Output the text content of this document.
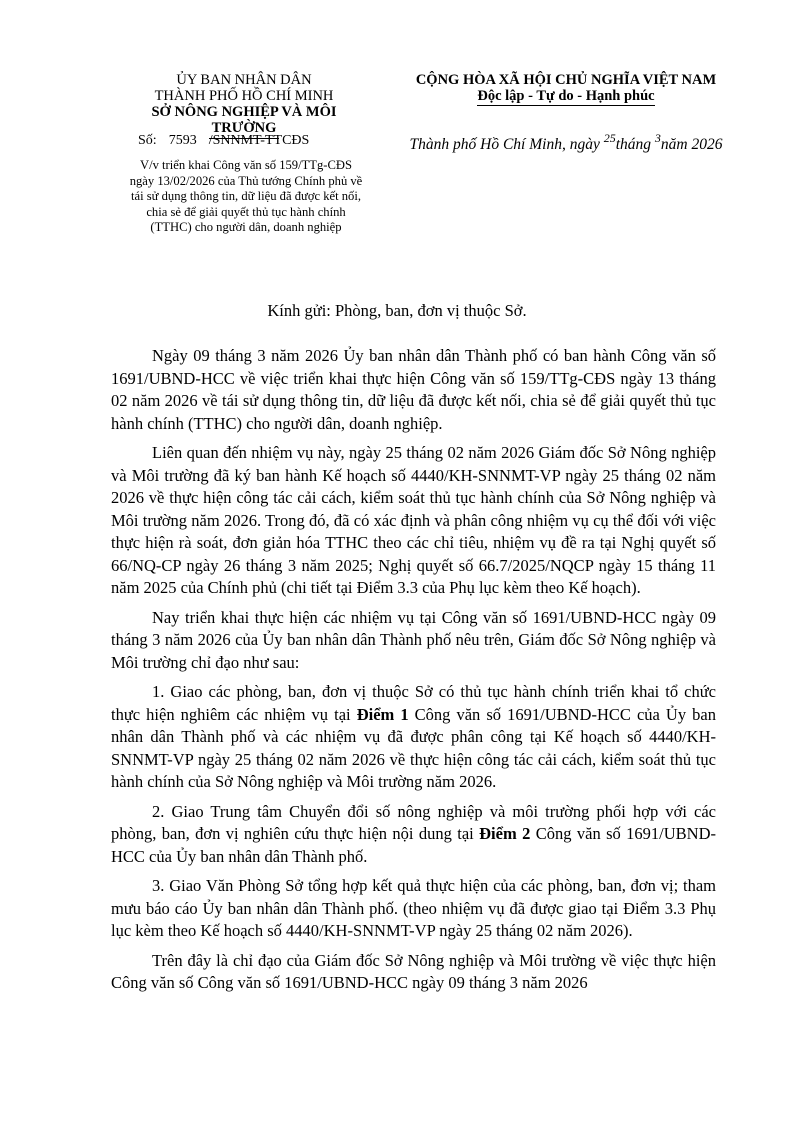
ỦY BAN NHÂN DÂN
THÀNH PHỐ HỒ CHÍ MINH
SỞ NÔNG NGHIỆP VÀ MÔI TRƯỜNG
CỘNG HÒA XÃ HỘI CHỦ NGHĨA VIỆT NAM
Độc lập - Tự do - Hạnh phúc
Số: 7593 /SNNMT-TTCĐS	Thành phố Hồ Chí Minh, ngày $^{25}$tháng $^3$năm 2026
V/v triển khai Công văn số 159/TTg-CĐS ngày 13/02/2026 của Thủ tướng Chính phủ về tái sử dụng thông tin, dữ liệu đã được kết nối, chia sẻ để giải quyết thủ tục hành chính (TTHC) cho người dân, doanh nghiệp
Kính gửi: Phòng, ban, đơn vị thuộc Sở.

Ngày 09 tháng 3 năm 2026 Ủy ban nhân dân Thành phố có ban hành Công văn số 1691/UBND-HCC về việc triển khai thực hiện Công văn số 159/TTg-CĐS ngày 13 tháng 02 năm 2026 về tái sử dụng thông tin, dữ liệu đã được kết nối, chia sẻ để giải quyết thủ tục hành chính (TTHC) cho người dân, doanh nghiệp.

Liên quan đến nhiệm vụ này, ngày 25 tháng 02 năm 2026 Giám đốc Sở Nông nghiệp và Môi trường đã ký ban hành Kế hoạch số 4440/KH-SNNMT-VP ngày 25 tháng 02 năm 2026 về thực hiện công tác cải cách, kiểm soát thủ tục hành chính của Sở Nông nghiệp và Môi trường năm 2026. Trong đó, đã có xác định và phân công nhiệm vụ cụ thể đối với việc thực hiện rà soát, đơn giản hóa TTHC theo các chỉ tiêu, nhiệm vụ đề ra tại Nghị quyết số 66/NQ-CP ngày 26 tháng 3 năm 2025; Nghị quyết số 66.7/2025/NQCP ngày 15 tháng 11 năm 2025 của Chính phủ (chi tiết tại Điểm 3.3 của Phụ lục kèm theo Kế hoạch).

Nay triển khai thực hiện các nhiệm vụ tại Công văn số 1691/UBND-HCC ngày 09 tháng 3 năm 2026 của Ủy ban nhân dân Thành phố nêu trên, Giám đốc Sở Nông nghiệp và Môi trường chỉ đạo như sau:

1. Giao các phòng, ban, đơn vị thuộc Sở có thủ tục hành chính triển khai tổ chức thực hiện nghiêm các nhiệm vụ tại Điểm 1 Công văn số 1691/UBND-HCC của Ủy ban nhân dân Thành phố và các nhiệm vụ đã được phân công tại Kế hoạch số 4440/KH-SNNMT-VP ngày 25 tháng 02 năm 2026 về thực hiện công tác cải cách, kiểm soát thủ tục hành chính của Sở Nông nghiệp và Môi trường năm 2026.

2. Giao Trung tâm Chuyển đổi số nông nghiệp và môi trường phối hợp với các phòng, ban, đơn vị nghiên cứu thực hiện nội dung tại Điểm 2 Công văn số 1691/UBND-HCC của Ủy ban nhân dân Thành phố.

3. Giao Văn Phòng Sở tổng hợp kết quả thực hiện của các phòng, ban, đơn vị; tham mưu báo cáo Ủy ban nhân dân Thành phố. (theo nhiệm vụ đã được giao tại Điểm 3.3 Phụ lục kèm theo Kế hoạch số 4440/KH-SNNMT-VP ngày 25 tháng 02 năm 2026).

Trên đây là chỉ đạo của Giám đốc Sở Nông nghiệp và Môi trường về việc thực hiện Công văn số Công văn số 1691/UBND-HCC ngày 09 tháng 3 năm 2026
